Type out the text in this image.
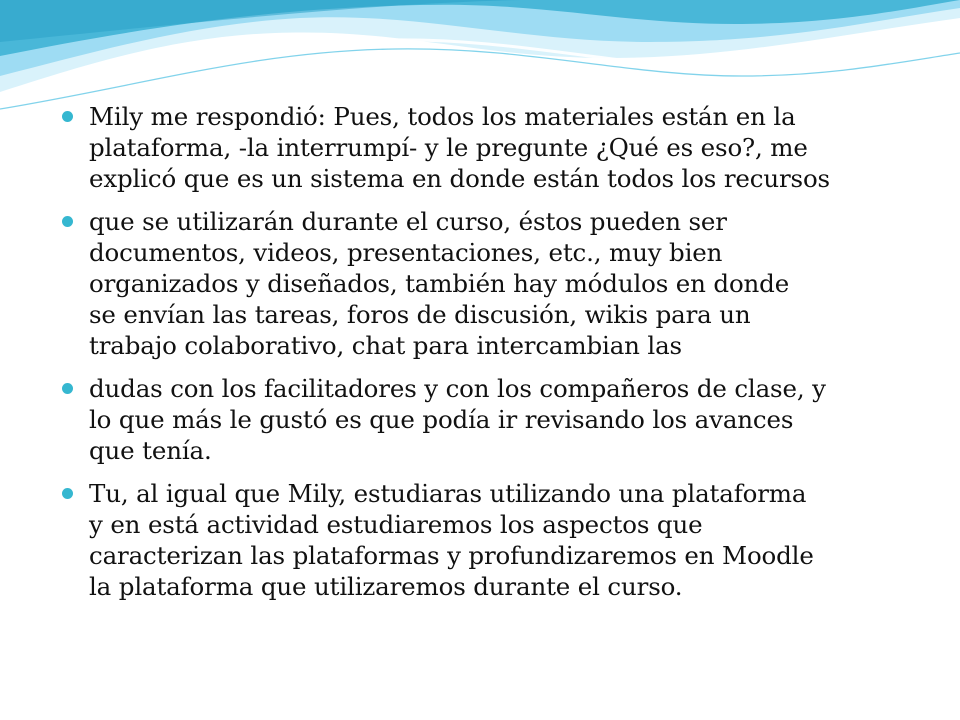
Mily me respondió: Pues, todos los materiales están en la
plataforma, -la interrumpí- y le pregunte ¿Qué es eso?, me
explicó que es un sistema en donde están todos los recursos
que se utilizarán durante el curso, éstos pueden ser
documentos, videos, presentaciones, etc., muy bien
organizados y diseñados, también hay módulos en donde
se envían las tareas, foros de discusión, wikis para un
trabajo colaborativo, chat para intercambian las
dudas con los facilitadores y con los compañeros de clase, y
lo que más le gustó es que podía ir revisando los avances
que tenía.
Tu, al igual que Mily, estudiaras utilizando una plataforma
y en está actividad estudiaremos los aspectos que
caracterizan las plataformas y profundizaremos en Moodle
la plataforma que utilizaremos durante el curso.
